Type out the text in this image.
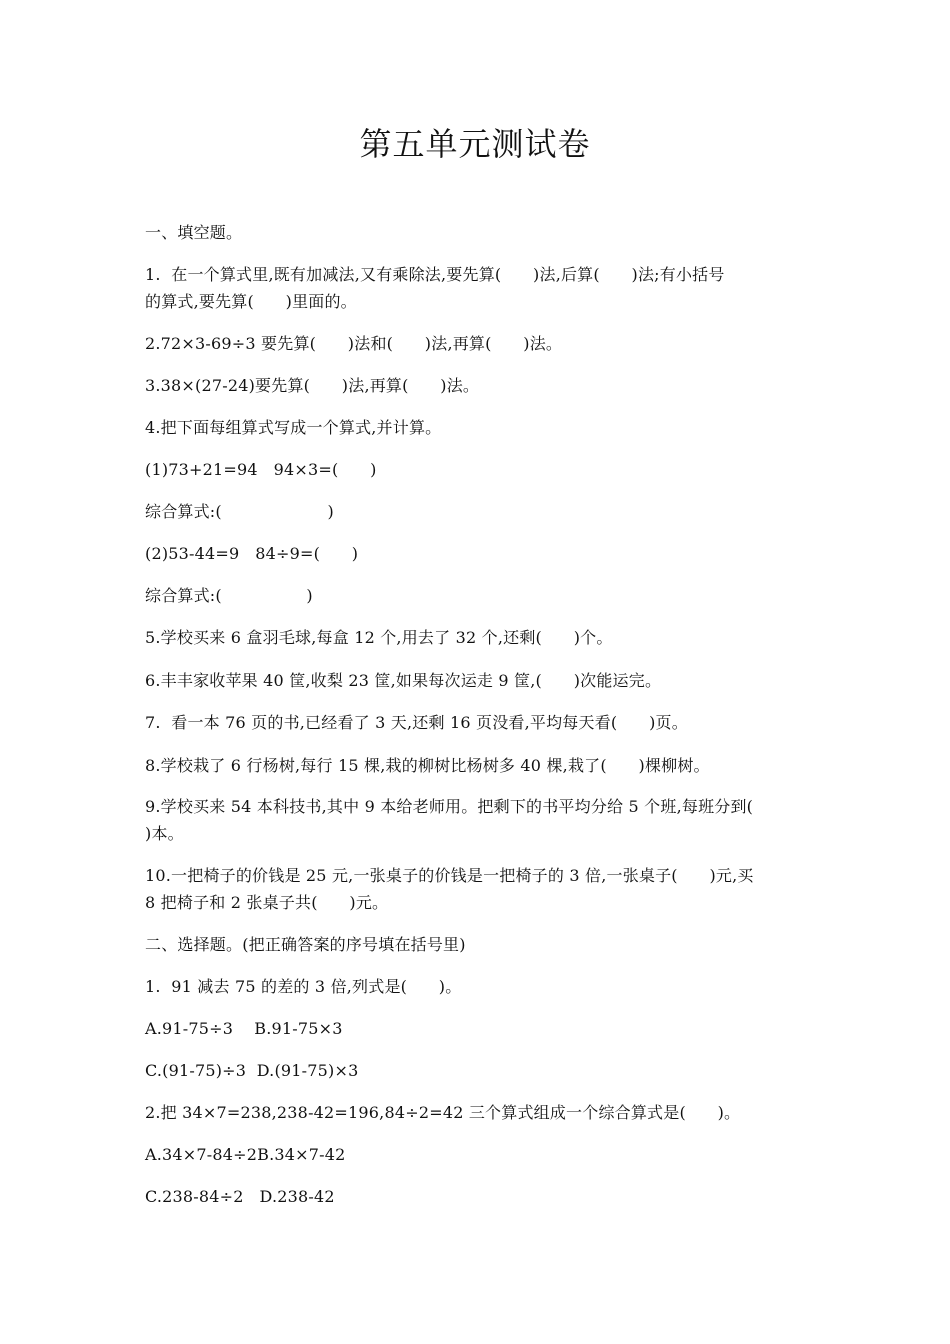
第五单元测试卷
一、填空题。
1.  在一个算式里,既有加减法,又有乘除法,要先算(      )法,后算(      )法;有小括号
的算式,要先算(      )里面的。
2.72×3-69÷3 要先算(      )法和(      )法,再算(      )法。
3.38×(27-24)要先算(      )法,再算(      )法。
4.把下面每组算式写成一个算式,并计算。
(1)73+21=94   94×3=(      )
综合算式:(                    )
(2)53-44=9   84÷9=(      )
综合算式:(                )
5.学校买来 6 盒羽毛球,每盒 12 个,用去了 32 个,还剩(      )个。
6.丰丰家收苹果 40 筐,收梨 23 筐,如果每次运走 9 筐,(      )次能运完。
7.  看一本 76 页的书,已经看了 3 天,还剩 16 页没看,平均每天看(      )页。
8.学校栽了 6 行杨树,每行 15 棵,栽的柳树比杨树多 40 棵,栽了(      )棵柳树。
9.学校买来 54 本科技书,其中 9 本给老师用。把剩下的书平均分给 5 个班,每班分到(
)本。
10.一把椅子的价钱是 25 元,一张桌子的价钱是一把椅子的 3 倍,一张桌子(      )元,买
8 把椅子和 2 张桌子共(      )元。
二、选择题。(把正确答案的序号填在括号里)
1.  91 减去 75 的差的 3 倍,列式是(      )。
A.91-75÷3    B.91-75×3
C.(91-75)÷3  D.(91-75)×3
2.把 34×7=238,238-42=196,84÷2=42 三个算式组成一个综合算式是(      )。
A.34×7-84÷2B.34×7-42
C.238-84÷2   D.238-42
